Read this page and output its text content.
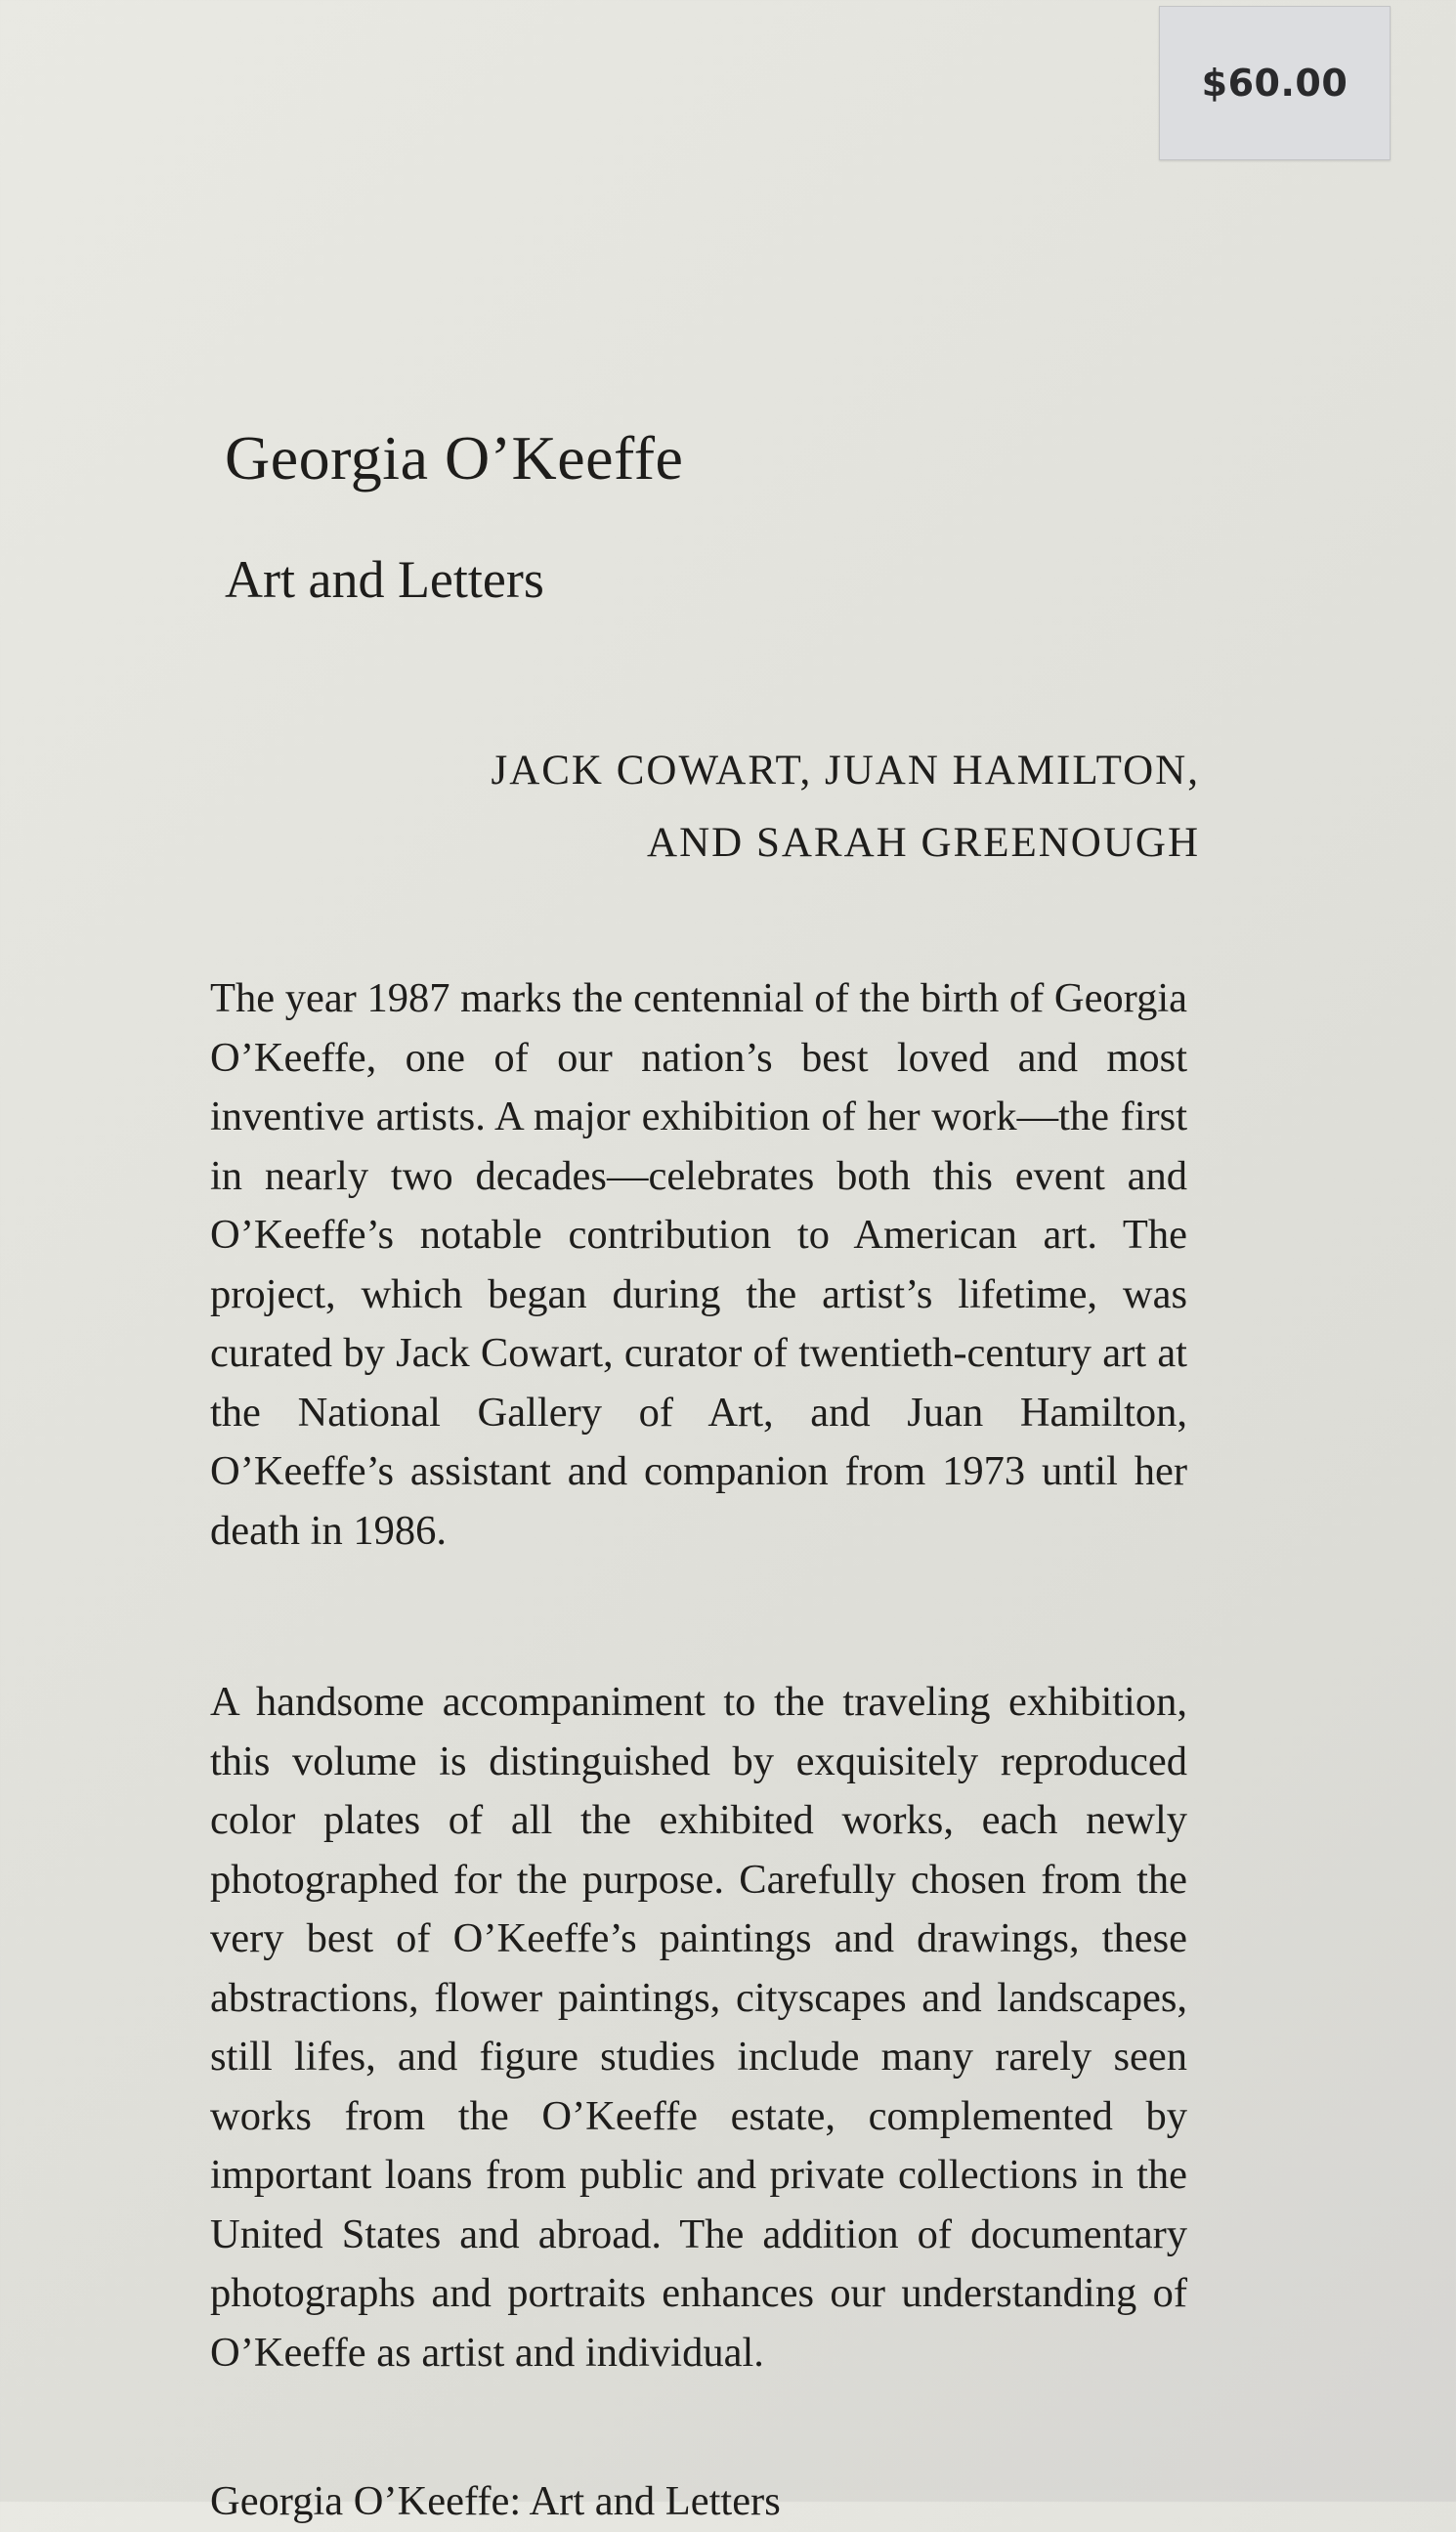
$60.00
Georgia O’Keeffe
Art and Letters
JACK COWART, JUAN HAMILTON,
AND SARAH GREENOUGH

The year 1987 marks the centennial of the birth of Georgia O’Keeffe, one of our nation’s best loved and most inventive artists. A major exhibition of her work—the first in nearly two decades—celebrates both this event and O’Keeffe’s notable contribution to American art. The project, which began during the artist’s lifetime, was curated by Jack Cowart, curator of twentieth-century art at the National Gallery of Art, and Juan Hamilton, O’Keeffe’s assistant and companion from 1973 until her death in 1986.

A handsome accompaniment to the traveling exhibition, this volume is distinguished by exquisitely reproduced color plates of all the exhibited works, each newly photographed for the purpose. Carefully chosen from the very best of O’Keeffe’s paintings and drawings, these abstractions, flower paintings, cityscapes and landscapes, still lifes, and figure studies include many rarely seen works from the O’Keeffe estate, complemented by important loans from public and private collections in the United States and abroad. The addition of documentary photographs and portraits enhances our understanding of O’Keeffe as artist and individual.

Georgia O’Keeffe: Art and Letters
